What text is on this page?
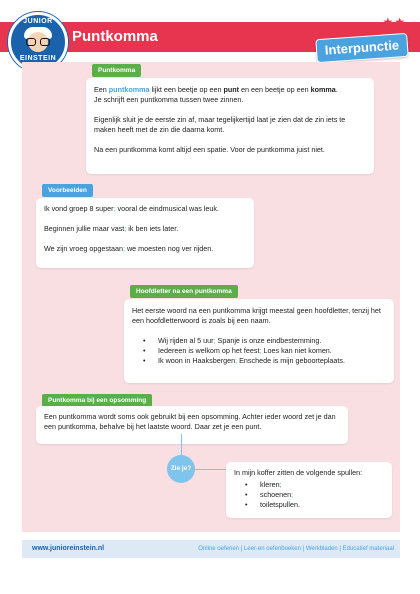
JUNIOR
EINSTEIN
Puntkomma
★★
Interpunctie
Puntkomma

Een puntkomma lijkt een beetje op een punt en een beetje op een komma.
Je schrijft een puntkomma tussen twee zinnen.

Eigenlijk sluit je de eerste zin af, maar tegelijkertijd laat je zien dat de zin iets te maken heeft met de zin die daarna komt.

Na een puntkomma komt altijd een spatie. Voor de puntkomma juist niet.

Voorbeelden

Ik vond groep 8 super; vooral de eindmusical was leuk.

Beginnen jullie maar vast; ik ben iets later.

We zijn vroeg opgestaan; we moesten nog ver rijden.

Hoofdletter na een puntkomma

Het eerste woord na een puntkomma krijgt meestal geen hoofdletter, tenzij het een hoofdletterwoord is zoals bij een naam.

• Wij rijden al 5 uur; Spanje is onze eindbestemming.
• Iedereen is welkom op het feest; Loes kan niet komen.
• Ik woon in Haaksbergen; Enschede is mijn geboorteplaats.
Puntkomma bij een opsomming

Een puntkomma wordt soms ook gebruikt bij een opsomming. Achter ieder woord zet je dan een puntkomma, behalve bij het laatste woord. Daar zet je een punt.

Zie je?	In mijn koffer zitten de volgende spullen:

• kleren;
• schoenen;
• toiletspullen.
www.junioreinstein.nl	Online oefenen | Leer-en oefenboeken | Werkbladen | Educatief materiaal
